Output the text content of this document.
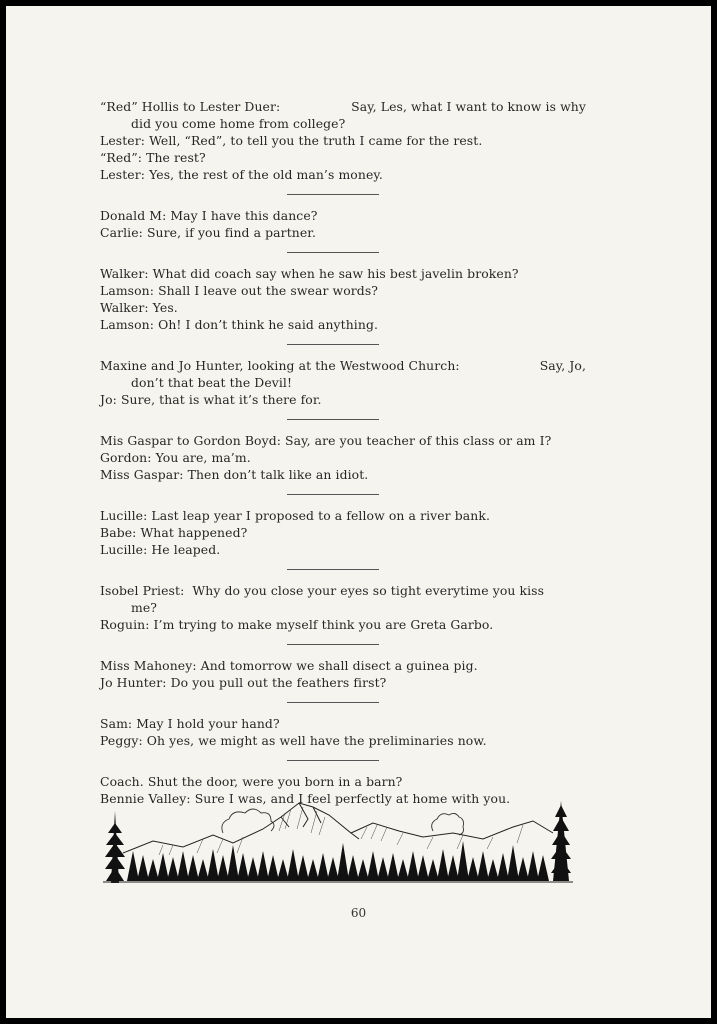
“Red” Hollis to Lester Duer:	Say, Les, what I want to know is why
did you come home from college?
Lester: Well, “Red”, to tell you the truth I came for the rest.
“Red”: The rest?
Lester: Yes, the rest of the old man’s money.
Donald M: May I have this dance?
Carlie: Sure, if you find a partner.
Walker: What did coach say when he saw his best javelin broken?
Lamson: Shall I leave out the swear words?
Walker: Yes.
Lamson: Oh! I don’t think he said anything.
Maxine and Jo Hunter, looking at the Westwood Church:	Say, Jo,
don’t that beat the Devil!
Jo: Sure, that is what it’s there for.
Mis Gaspar to Gordon Boyd: Say, are you teacher of this class or am I?
Gordon: You are, ma’m.
Miss Gaspar: Then don’t talk like an idiot.
Lucille: Last leap year I proposed to a fellow on a river bank.
Babe: What happened?
Lucille: He leaped.
Isobel Priest:  Why do you close your eyes so tight everytime you kiss
me?
Roguin: I’m trying to make myself think you are Greta Garbo.
Miss Mahoney: And tomorrow we shall disect a guinea pig.
Jo Hunter: Do you pull out the feathers first?
Sam: May I hold your hand?
Peggy: Oh yes, we might as well have the preliminaries now.
Coach. Shut the door, were you born in a barn?
Bennie Valley: Sure I was, and I feel perfectly at home with you.
60
